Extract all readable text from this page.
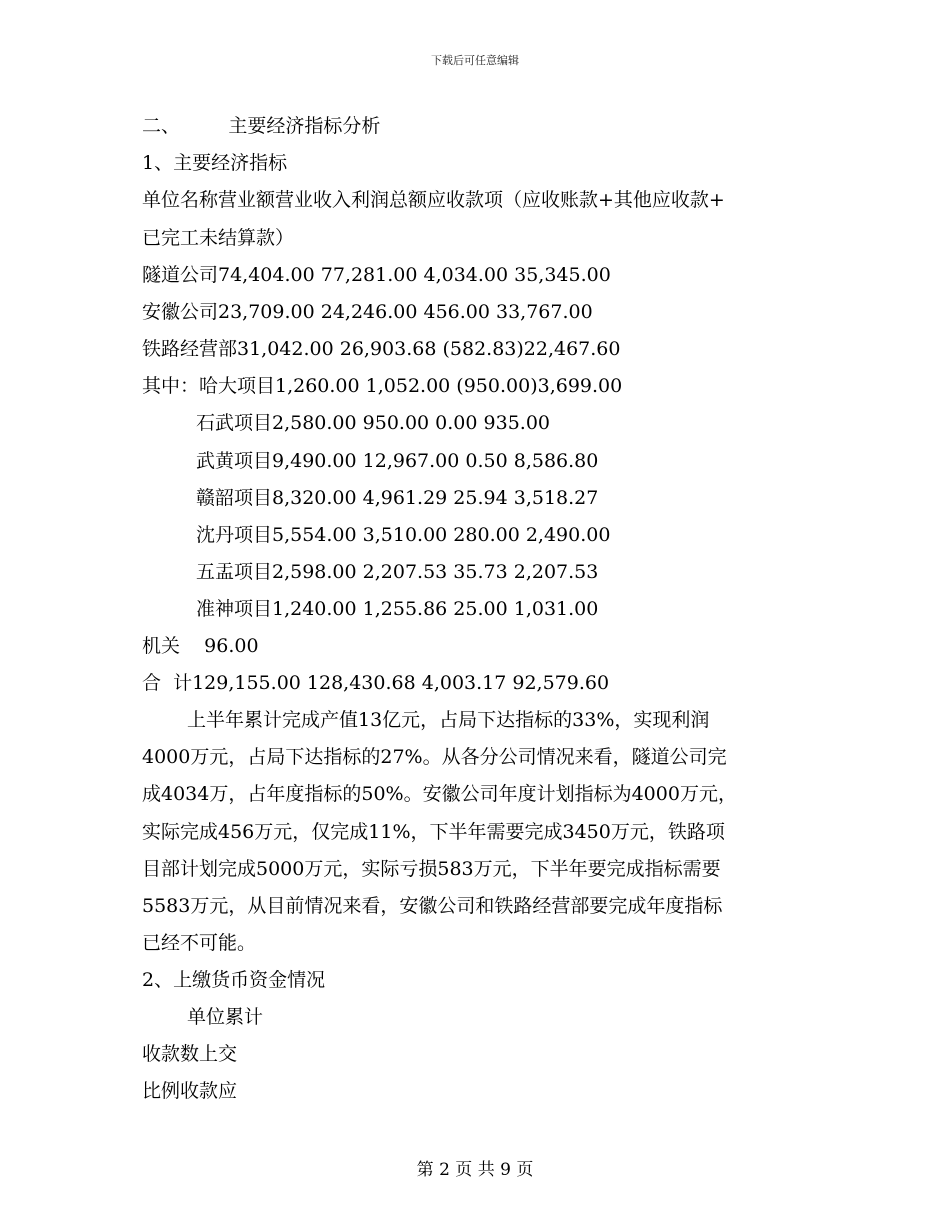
下载后可任意编辑
二、        主要经济指标分析
1、主要经济指标
单位名称营业额营业收入利润总额应收款项（应收账款+其他应收款+
已完工未结算款）
隧道公司74,404.00 77,281.00 4,034.00 35,345.00
安徽公司23,709.00 24,246.00 456.00 33,767.00
铁路经营部31,042.00 26,903.68 (582.83)22,467.60
其中：哈大项目1,260.00 1,052.00 (950.00)3,699.00
石武项目2,580.00 950.00 0.00 935.00
武黄项目9,490.00 12,967.00 0.50 8,586.80
赣韶项目8,320.00 4,961.29 25.94 3,518.27
沈丹项目5,554.00 3,510.00 280.00 2,490.00
五盂项目2,598.00 2,207.53 35.73 2,207.53
准神项目1,240.00 1,255.86 25.00 1,031.00
机关    96.00
合  计129,155.00 128,430.68 4,003.17 92,579.60
上半年累计完成产值13亿元，占局下达指标的33%，实现利润
4000万元，占局下达指标的27%。从各分公司情况来看，隧道公司完
成4034万，占年度指标的50%。安徽公司年度计划指标为4000万元，
实际完成456万元，仅完成11%，下半年需要完成3450万元，铁路项
目部计划完成5000万元，实际亏损583万元，下半年要完成指标需要
5583万元，从目前情况来看，安徽公司和铁路经营部要完成年度指标
已经不可能。
2、上缴货币资金情况
单位累计
收款数上交
比例收款应
第 2 页 共 9 页
